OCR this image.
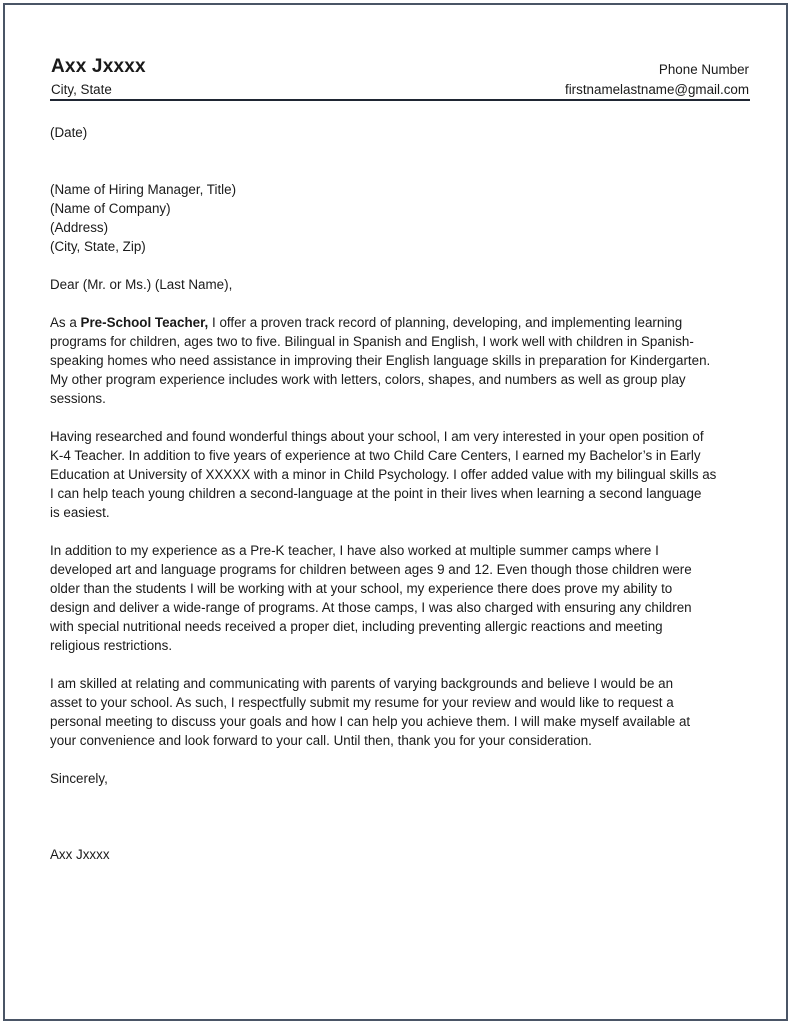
Axx Jxxxx
City, State
Phone Number
firstnamelastname@gmail.com

(Date)

(Name of Hiring Manager, Title)
(Name of Company)
(Address)
(City, State, Zip)

Dear (Mr. or Ms.) (Last Name),

As a Pre-School Teacher, I offer a proven track record of planning, developing, and implementing learning
programs for children, ages two to five. Bilingual in Spanish and English, I work well with children in Spanish-
speaking homes who need assistance in improving their English language skills in preparation for Kindergarten.
My other program experience includes work with letters, colors, shapes, and numbers as well as group play
sessions.

Having researched and found wonderful things about your school, I am very interested in your open position of
K-4 Teacher. In addition to five years of experience at two Child Care Centers, I earned my Bachelor’s in Early
Education at University of XXXXX with a minor in Child Psychology. I offer added value with my bilingual skills as
I can help teach young children a second-language at the point in their lives when learning a second language
is easiest.

In addition to my experience as a Pre-K teacher, I have also worked at multiple summer camps where I
developed art and language programs for children between ages 9 and 12. Even though those children were
older than the students I will be working with at your school, my experience there does prove my ability to
design and deliver a wide-range of programs. At those camps, I was also charged with ensuring any children
with special nutritional needs received a proper diet, including preventing allergic reactions and meeting
religious restrictions.

I am skilled at relating and communicating with parents of varying backgrounds and believe I would be an
asset to your school. As such, I respectfully submit my resume for your review and would like to request a
personal meeting to discuss your goals and how I can help you achieve them. I will make myself available at
your convenience and look forward to your call. Until then, thank you for your consideration.

Sincerely,

Axx Jxxxx
